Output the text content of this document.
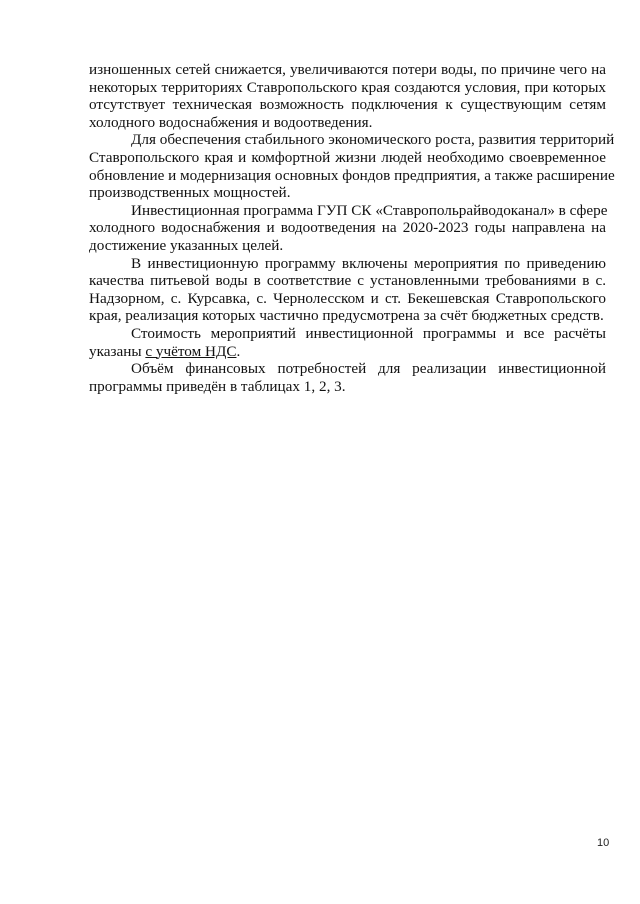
изношенных сетей снижается, увеличиваются потери воды, по причине чего на
некоторых территориях Ставропольского края создаются условия, при которых
отсутствует техническая возможность подключения к существующим сетям
холодного водоснабжения и водоотведения.
Для обеспечения стабильного экономического роста, развития территорий
Ставропольского края и комфортной жизни людей необходимо своевременное
обновление и модернизация основных фондов предприятия, а также расширение
производственных мощностей.
Инвестиционная программа ГУП СК «Ставропольрайводоканал» в сфере
холодного водоснабжения и водоотведения на 2020-2023 годы направлена на
достижение указанных целей.
В инвестиционную программу включены мероприятия по приведению
качества питьевой воды в соответствие с установленными требованиями в с.
Надзорном, с. Курсавка, с. Чернолесском и ст. Бекешевская Ставропольского
края, реализация которых частично предусмотрена за счёт бюджетных средств.
Стоимость мероприятий инвестиционной программы и все расчёты
указаны с учётом НДС.
Объём финансовых потребностей для реализации инвестиционной
программы приведён в таблицах 1, 2, 3.
10
